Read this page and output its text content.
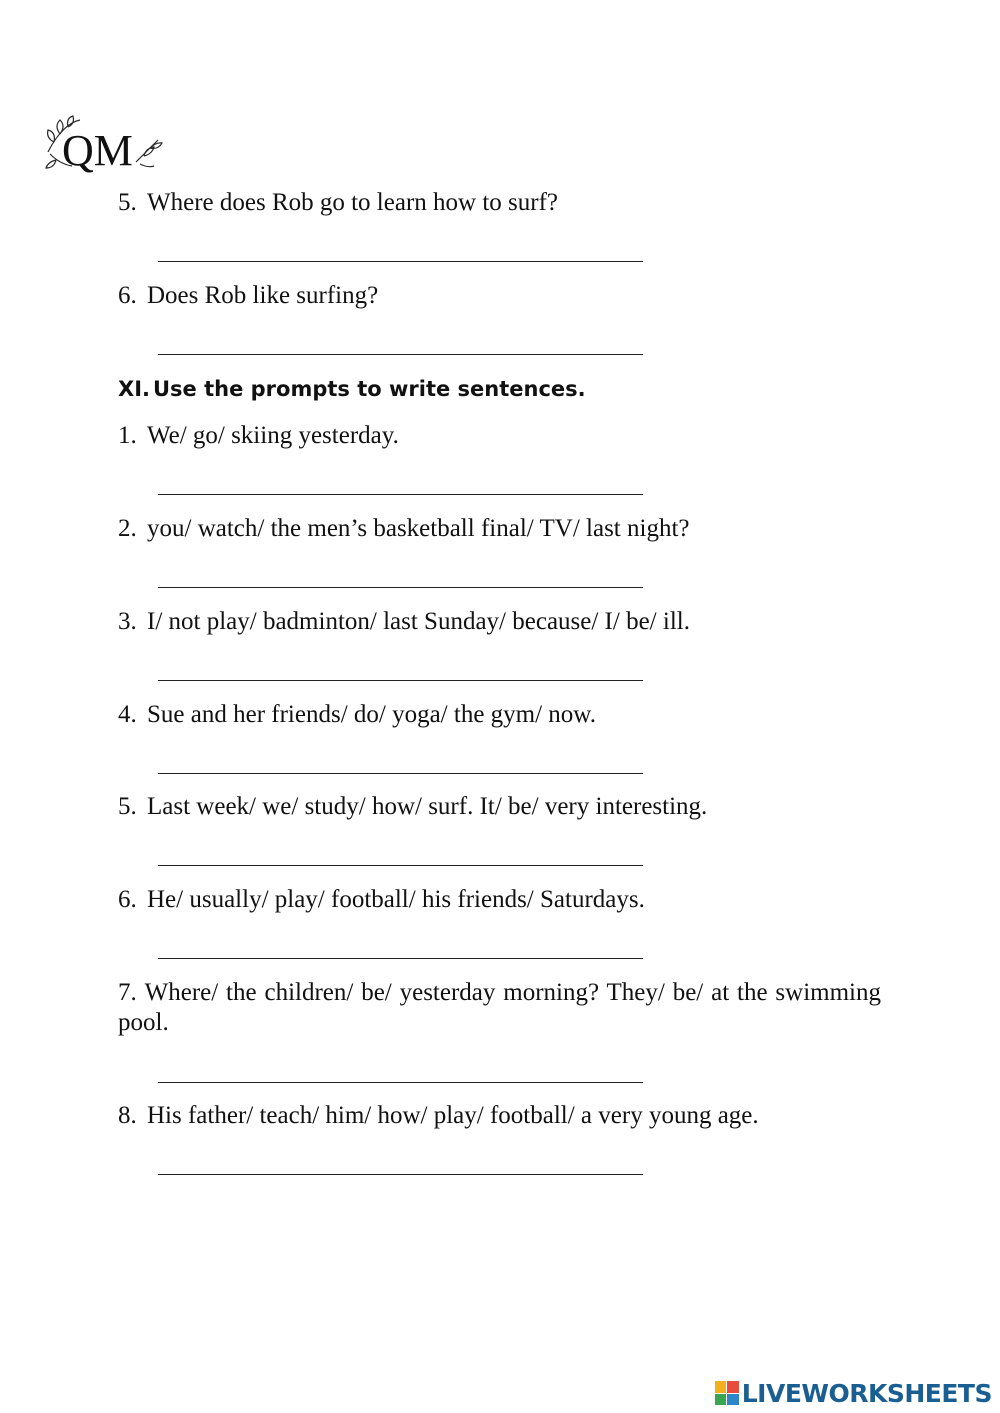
QM
5. Where does Rob go to learn how to surf?
6. Does Rob like surfing?
XI. Use the prompts to write sentences.
1. We/ go/ skiing yesterday.
2. you/ watch/ the men’s basketball final/ TV/ last night?
3. I/ not play/ badminton/ last Sunday/ because/ I/ be/ ill.
4. Sue and her friends/ do/ yoga/ the gym/ now.
5. Last week/ we/ study/ how/ surf. It/ be/ very interesting.
6. He/ usually/ play/ football/ his friends/ Saturdays.
7. Where/ the children/ be/ yesterday morning? They/ be/ at the swimming pool.
8. His father/ teach/ him/ how/ play/ football/ a very young age.
LIVEWORKSHEETS
